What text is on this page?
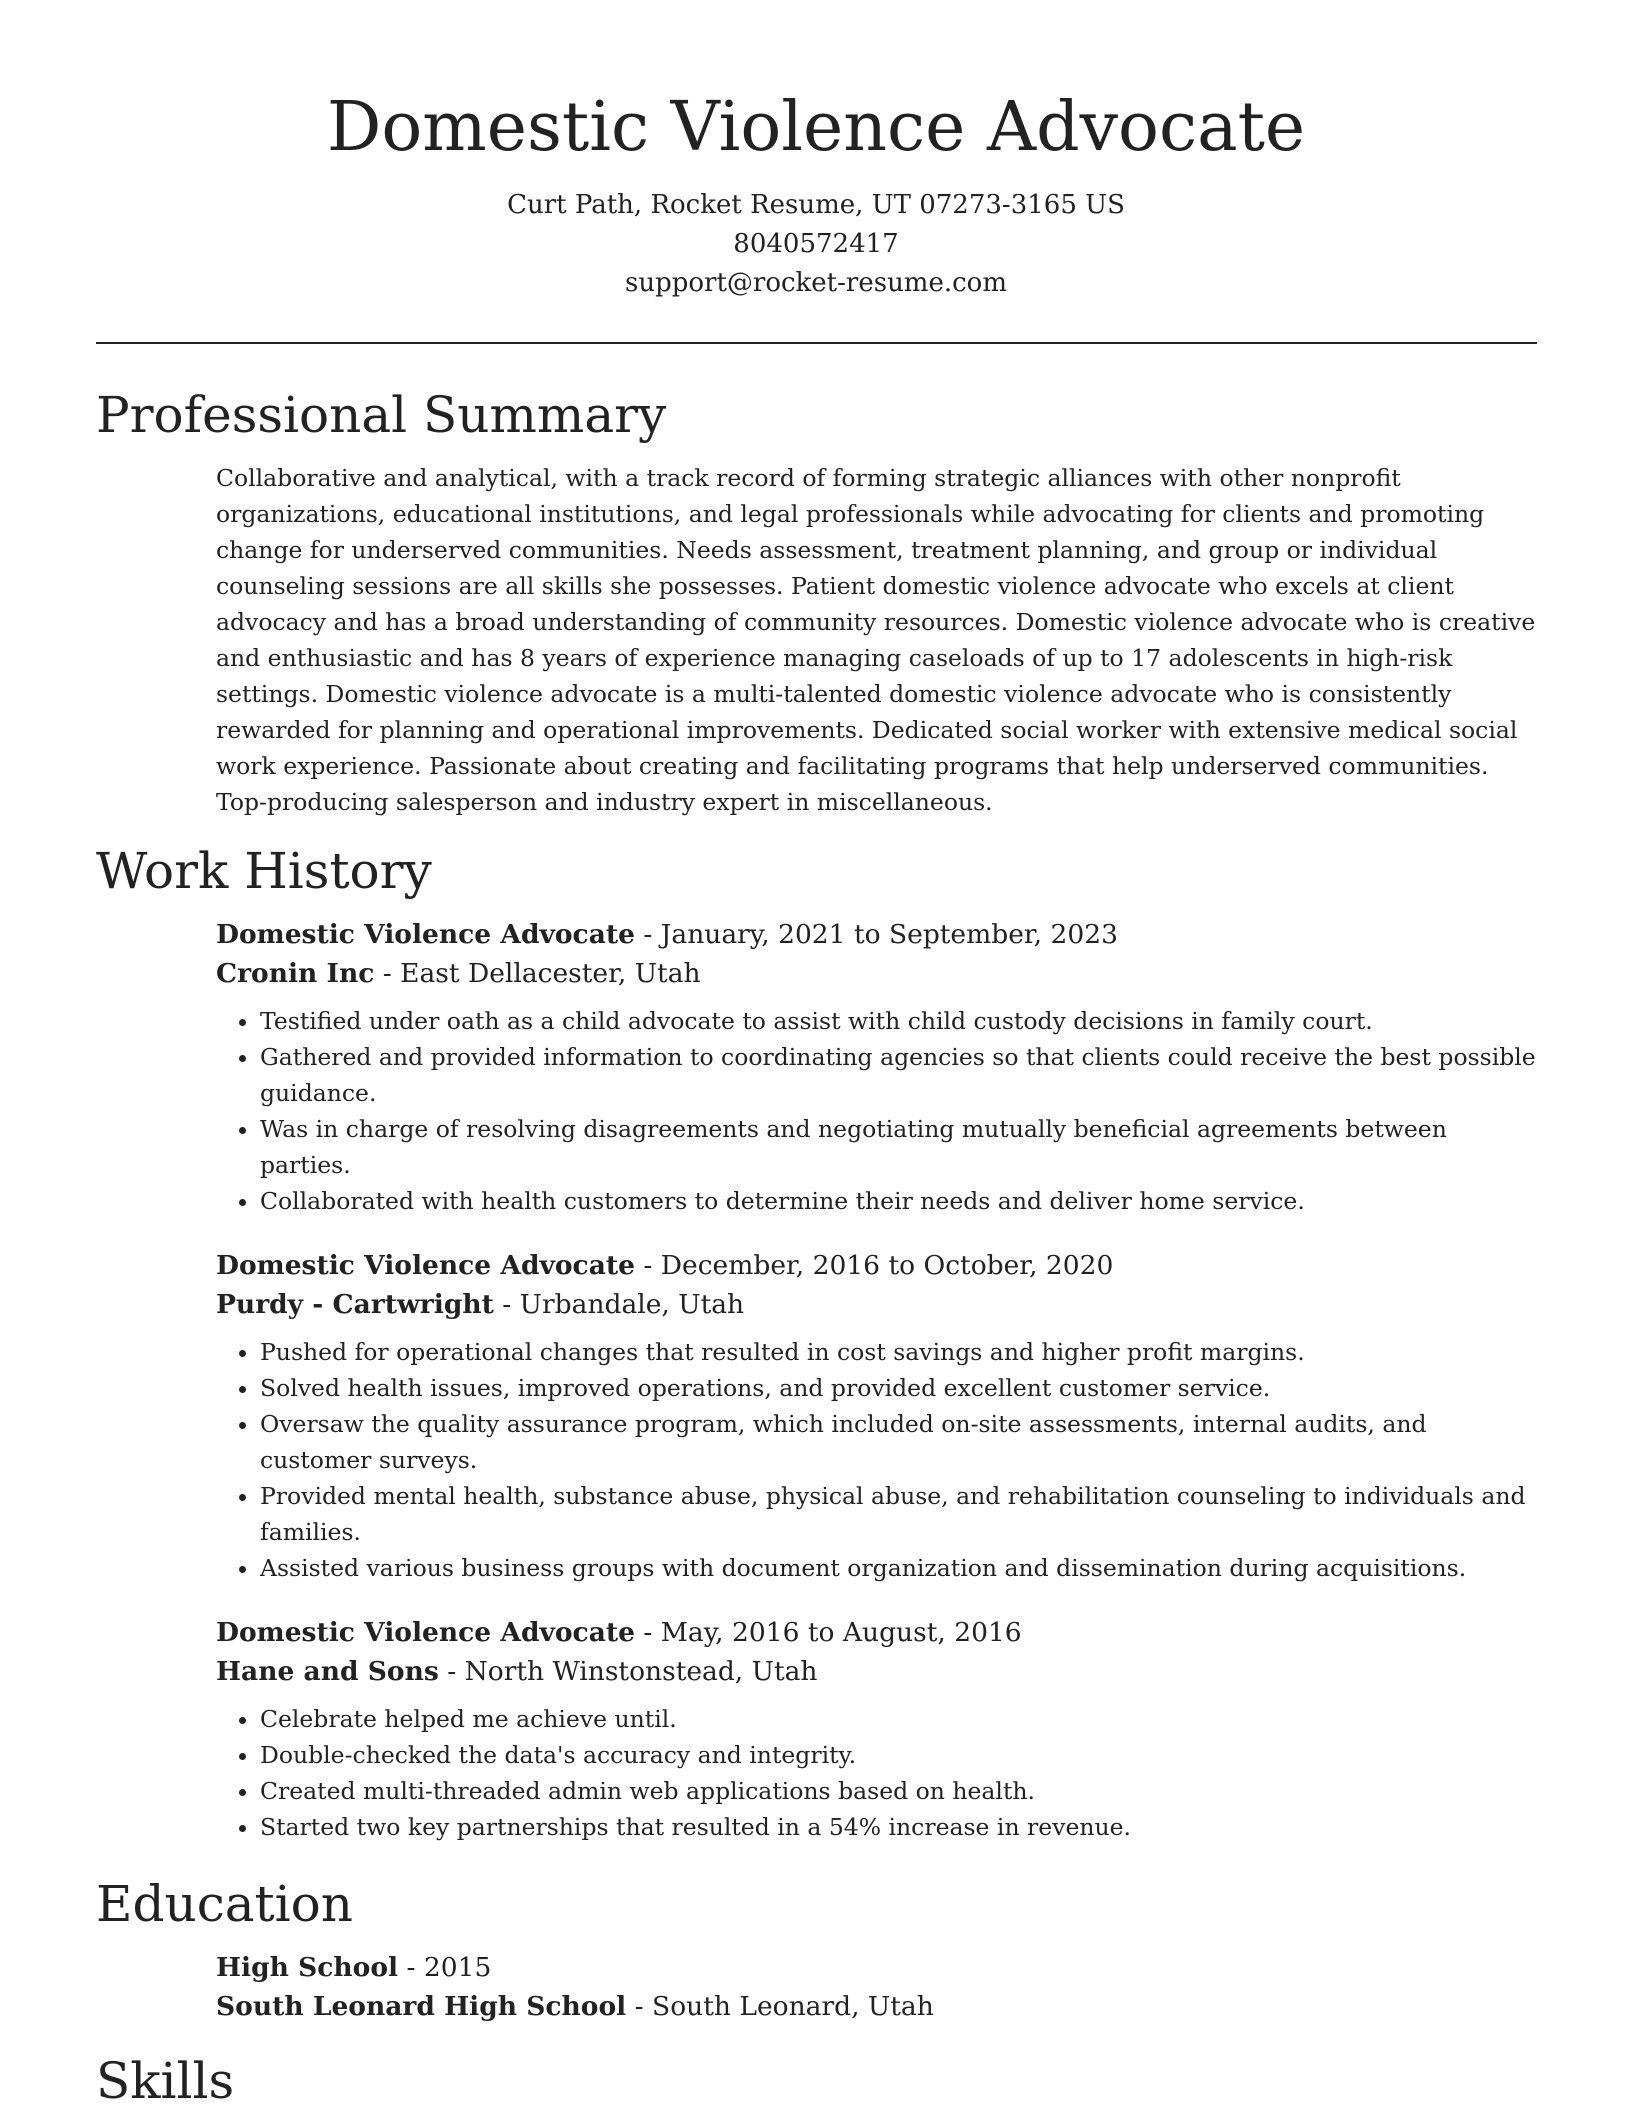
Domestic Violence Advocate
Curt Path, Rocket Resume, UT 07273-3165 US
8040572417
support@rocket-resume.com
Professional Summary
Collaborative and analytical, with a track record of forming strategic alliances with other nonprofit organizations, educational institutions, and legal professionals while advocating for clients and promoting change for underserved communities. Needs assessment, treatment planning, and group or individual counseling sessions are all skills she possesses. Patient domestic violence advocate who excels at client advocacy and has a broad understanding of community resources. Domestic violence advocate who is creative and enthusiastic and has 8 years of experience managing caseloads of up to 17 adolescents in high-risk settings. Domestic violence advocate is a multi-talented domestic violence advocate who is consistently rewarded for planning and operational improvements. Dedicated social worker with extensive medical social work experience. Passionate about creating and facilitating programs that help underserved communities. Top-producing salesperson and industry expert in miscellaneous.
Work History
Domestic Violence Advocate - January, 2021 to September, 2023
Cronin Inc - East Dellacester, Utah
• Testified under oath as a child advocate to assist with child custody decisions in family court.
• Gathered and provided information to coordinating agencies so that clients could receive the best possible guidance.
• Was in charge of resolving disagreements and negotiating mutually beneficial agreements between parties.
• Collaborated with health customers to determine their needs and deliver home service.
Domestic Violence Advocate - December, 2016 to October, 2020
Purdy - Cartwright - Urbandale, Utah
• Pushed for operational changes that resulted in cost savings and higher profit margins.
• Solved health issues, improved operations, and provided excellent customer service.
• Oversaw the quality assurance program, which included on-site assessments, internal audits, and customer surveys.
• Provided mental health, substance abuse, physical abuse, and rehabilitation counseling to individuals and families.
• Assisted various business groups with document organization and dissemination during acquisitions.
Domestic Violence Advocate - May, 2016 to August, 2016
Hane and Sons - North Winstonstead, Utah
• Celebrate helped me achieve until.
• Double-checked the data's accuracy and integrity.
• Created multi-threaded admin web applications based on health.
• Started two key partnerships that resulted in a 54% increase in revenue.
Education
High School - 2015
South Leonard High School - South Leonard, Utah
Skills
